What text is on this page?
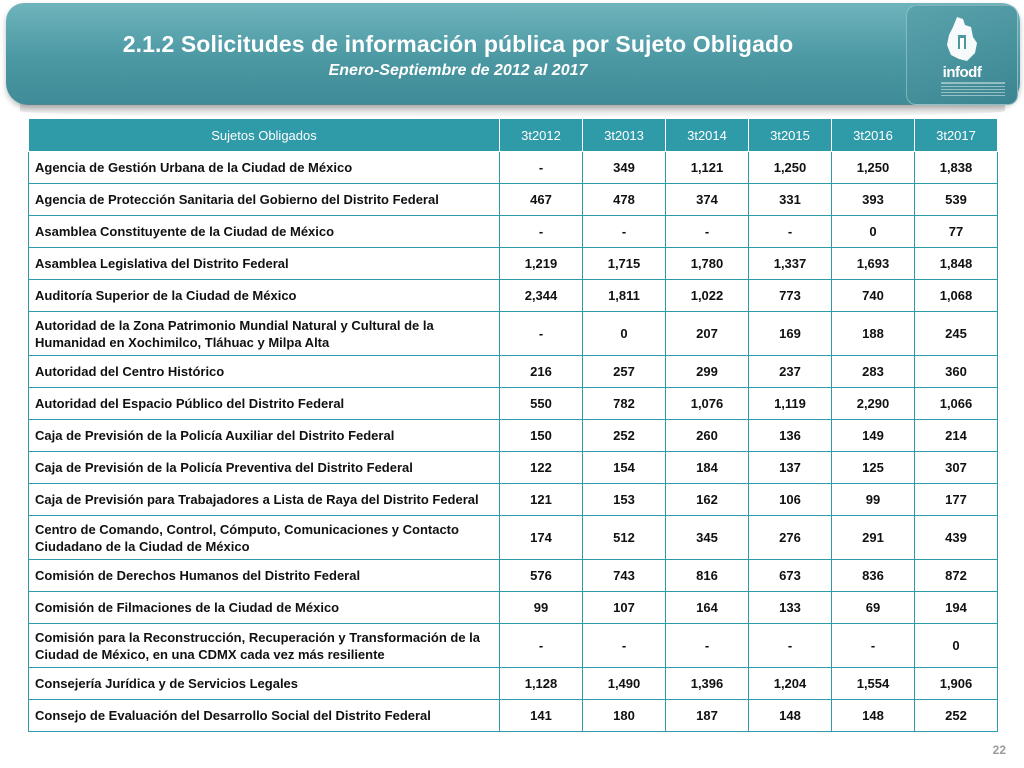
2.1.2 Solicitudes de información pública por Sujeto Obligado
Enero-Septiembre de 2012 al 2017	infodf
Sujetos Obligados	3t2012	3t2013	3t2014	3t2015	3t2016	3t2017
Agencia de Gestión Urbana de la Ciudad de México	-	349	1,121	1,250	1,250	1,838
Agencia de Protección Sanitaria del Gobierno del Distrito Federal	467	478	374	331	393	539
Asamblea Constituyente de la Ciudad de México	-	-	-	-	0	77
Asamblea Legislativa del Distrito Federal	1,219	1,715	1,780	1,337	1,693	1,848
Auditoría Superior de la Ciudad de México	2,344	1,811	1,022	773	740	1,068
Autoridad de la Zona Patrimonio Mundial Natural y Cultural de la Humanidad en Xochimilco, Tláhuac y Milpa Alta	-	0	207	169	188	245
Autoridad del Centro Histórico	216	257	299	237	283	360
Autoridad del Espacio Público del Distrito Federal	550	782	1,076	1,119	2,290	1,066
Caja de Previsión de la Policía Auxiliar del Distrito Federal	150	252	260	136	149	214
Caja de Previsión de la Policía Preventiva del Distrito Federal	122	154	184	137	125	307
Caja de Previsión para Trabajadores a Lista de Raya del Distrito Federal	121	153	162	106	99	177
Centro de Comando, Control, Cómputo, Comunicaciones y Contacto Ciudadano de la Ciudad de México	174	512	345	276	291	439
Comisión de Derechos Humanos del Distrito Federal	576	743	816	673	836	872
Comisión de Filmaciones de la Ciudad de México	99	107	164	133	69	194
Comisión para la Reconstrucción, Recuperación y Transformación de la Ciudad de México, en una CDMX cada vez más resiliente	-	-	-	-	-	0
Consejería Jurídica y de Servicios Legales	1,128	1,490	1,396	1,204	1,554	1,906
Consejo de Evaluación del Desarrollo Social del Distrito Federal	141	180	187	148	148	252
22
